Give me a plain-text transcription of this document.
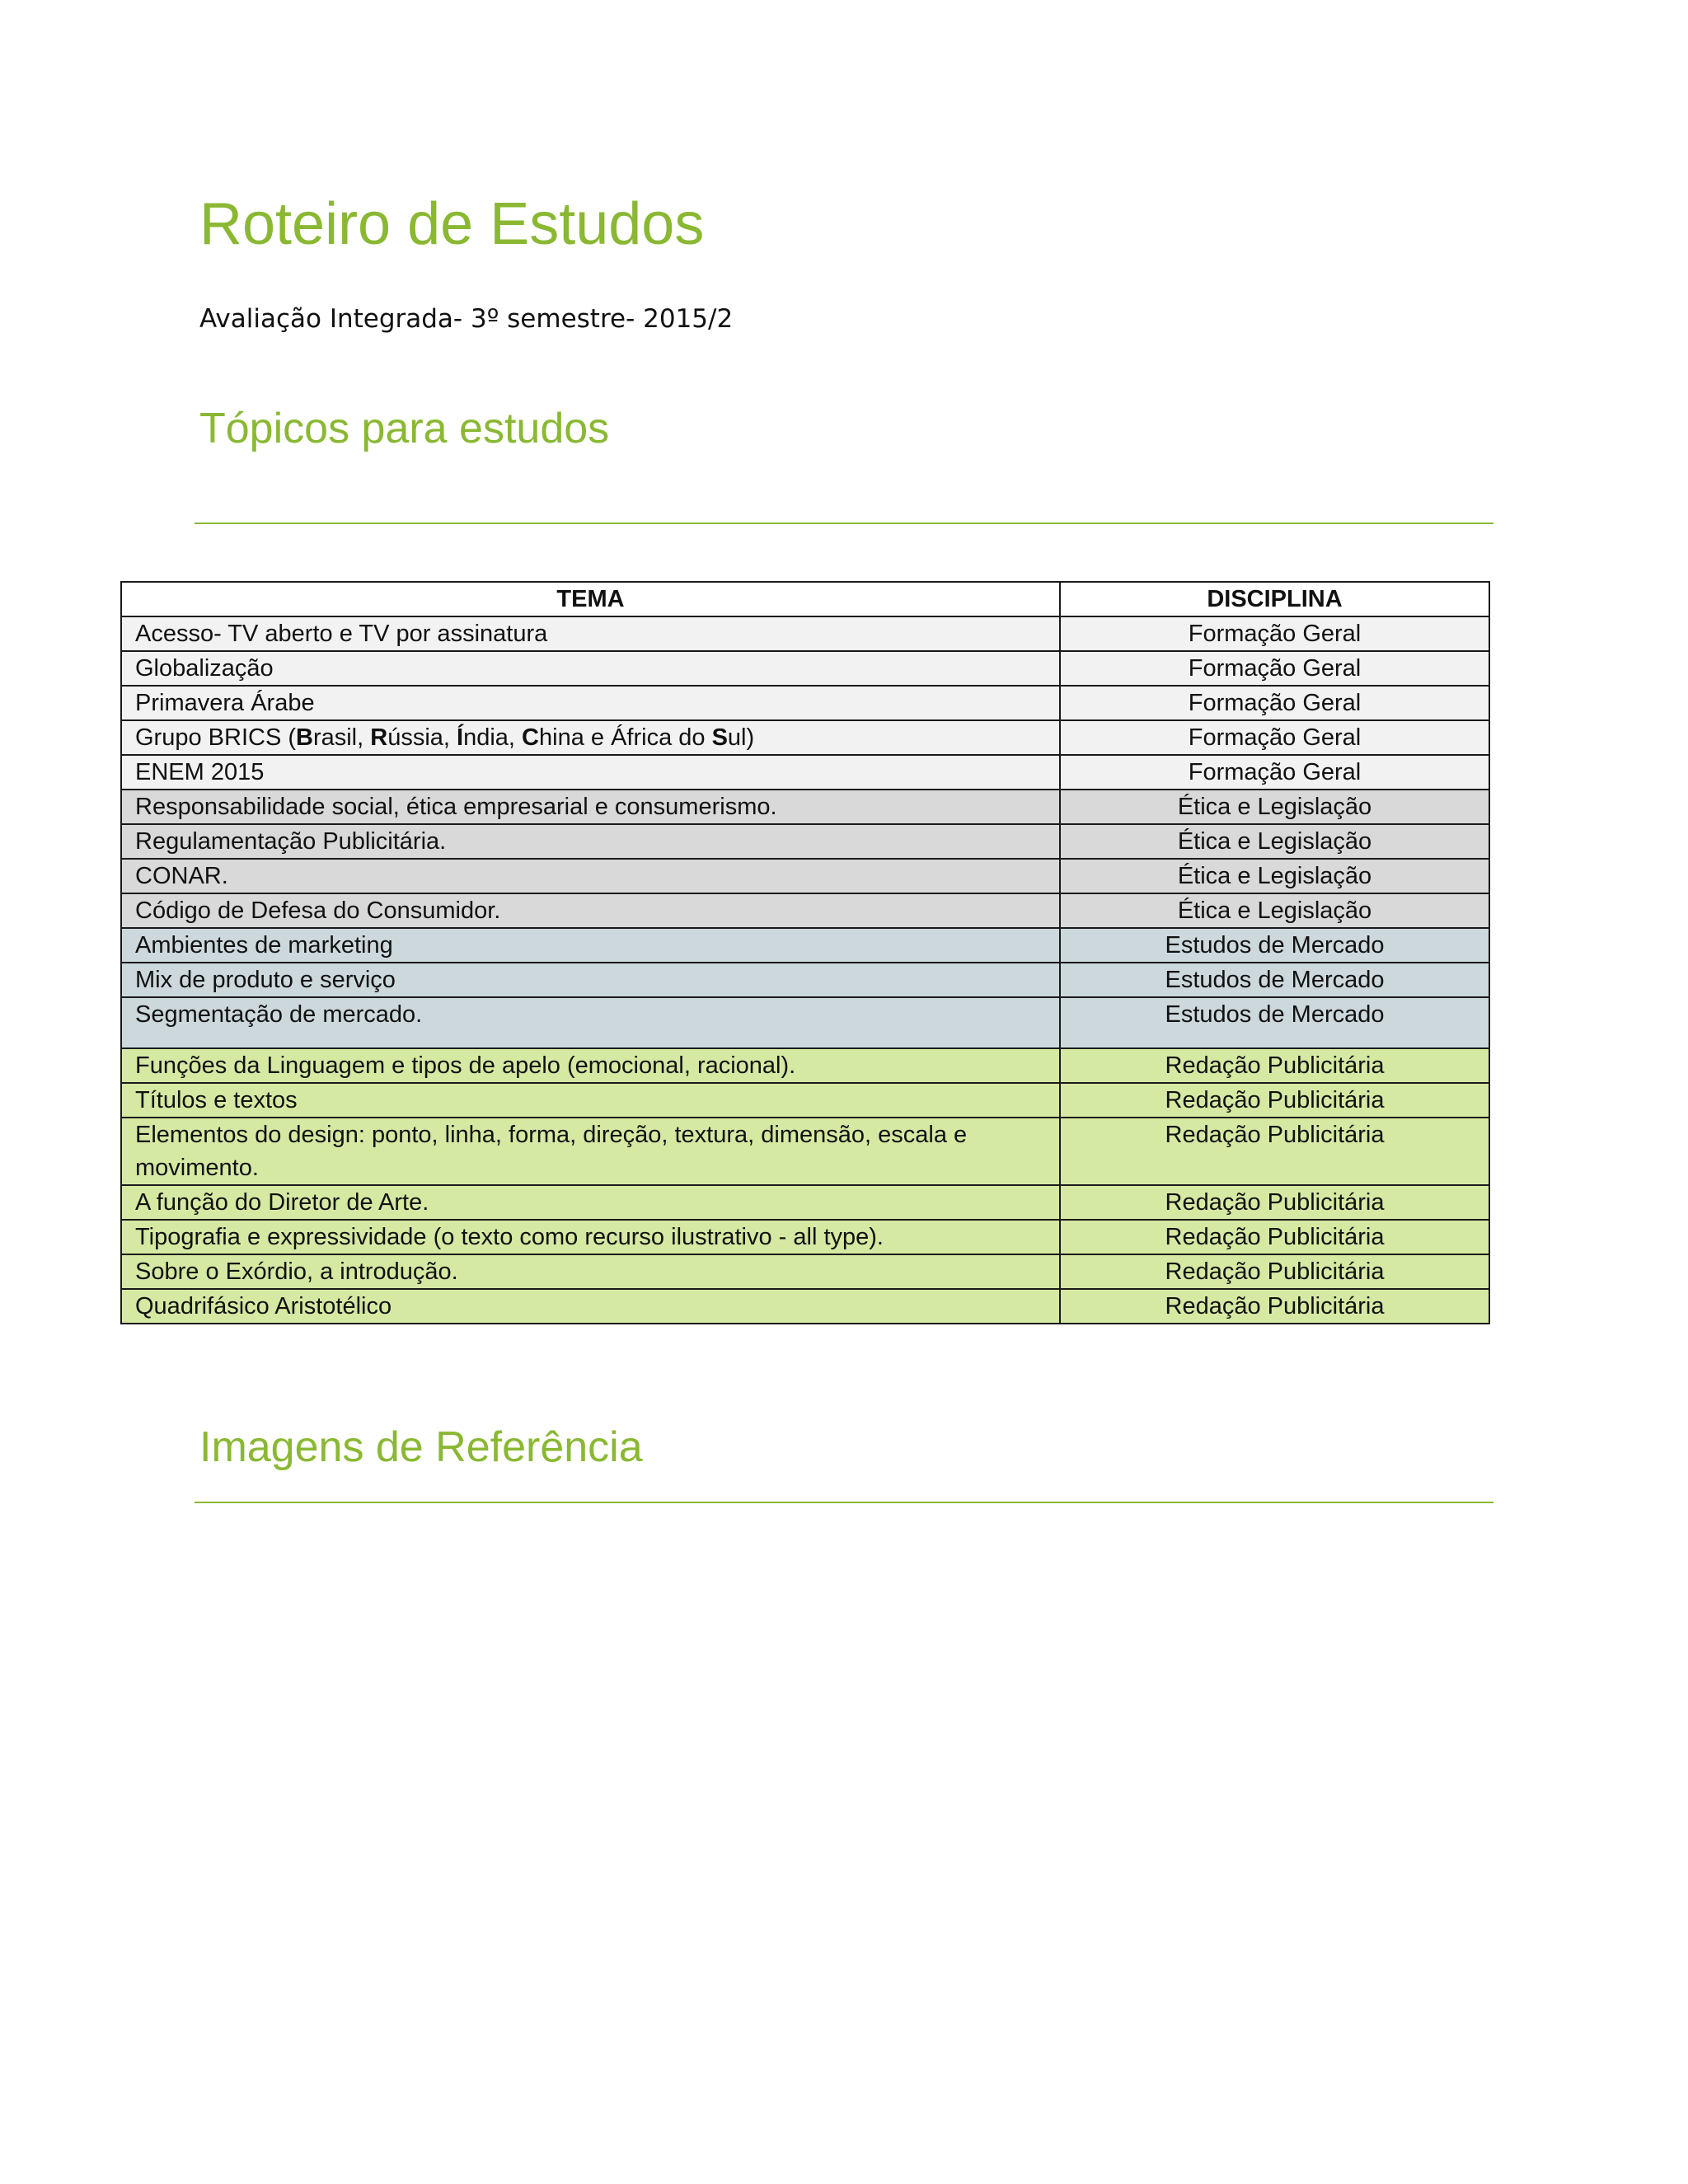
Roteiro de Estudos

Avaliação Integrada- 3º semestre- 2015/2

Tópicos para estudos
TEMA	DISCIPLINA
Acesso- TV aberto e TV por assinatura	Formação Geral
Globalização	Formação Geral
Primavera Árabe	Formação Geral
Grupo BRICS (Brasil, Rússia, Índia, China e África do Sul)	Formação Geral
ENEM 2015	Formação Geral
Responsabilidade social, ética empresarial e consumerismo.	Ética e Legislação
Regulamentação Publicitária.	Ética e Legislação
CONAR.	Ética e Legislação
Código de Defesa do Consumidor.	Ética e Legislação
Ambientes de marketing	Estudos de Mercado
Mix de produto e serviço	Estudos de Mercado
Segmentação de mercado.	Estudos de Mercado
Funções da Linguagem e tipos de apelo (emocional, racional).	Redação Publicitária
Títulos e textos	Redação Publicitária
Elementos do design: ponto, linha, forma, direção, textura, dimensão, escala e movimento.	Redação Publicitária
A função do Diretor de Arte.	Redação Publicitária
Tipografia e expressividade (o texto como recurso ilustrativo - all type).	Redação Publicitária
Sobre o Exórdio, a introdução.	Redação Publicitária
Quadrifásico Aristotélico	Redação Publicitária
Imagens de Referência
